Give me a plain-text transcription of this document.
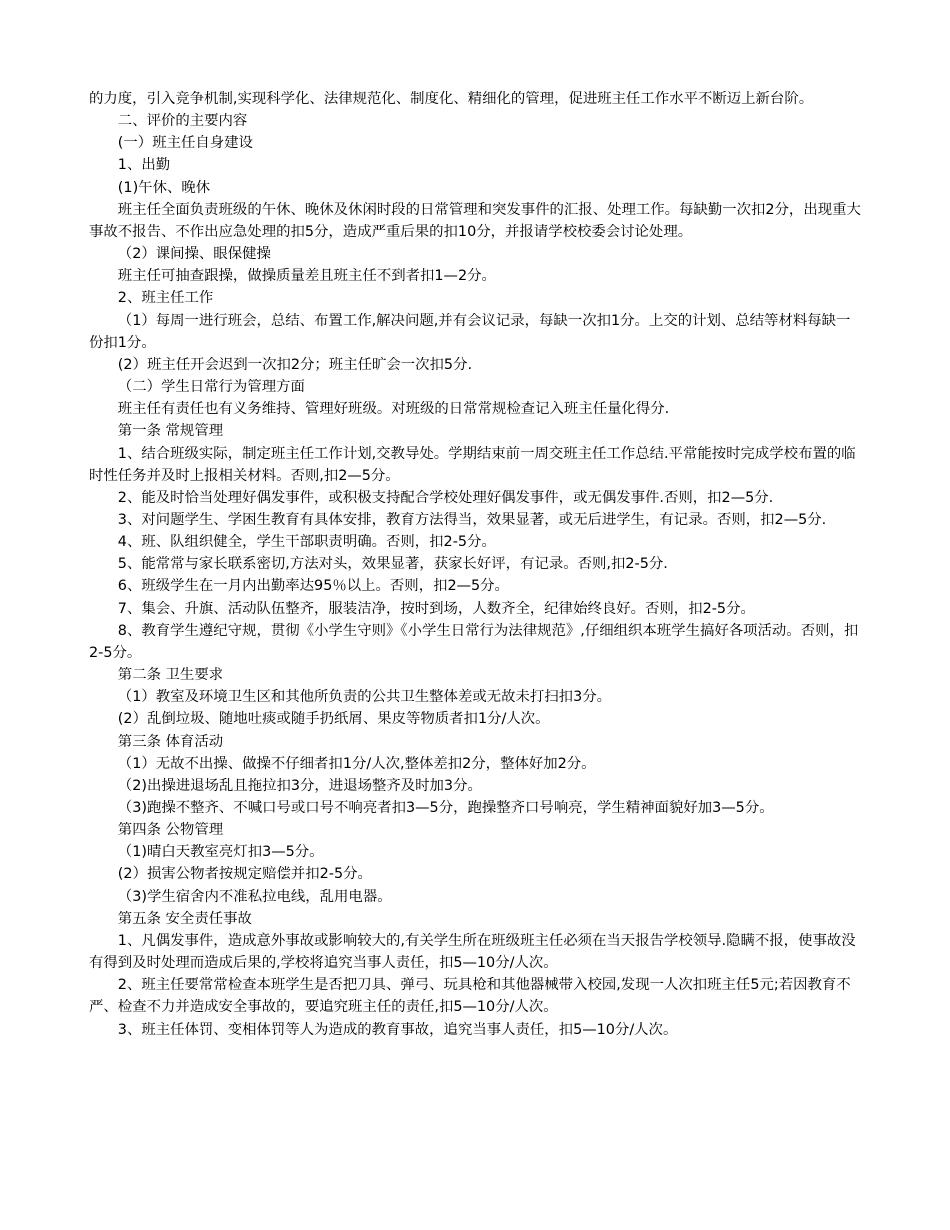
的力度，引入竞争机制,实现科学化、法律规范化、制度化、精细化的管理，促进班主任工作水平不断迈上新台阶。

二、评价的主要内容

(一）班主任自身建设

1、出勤

(1)午休、晚休

班主任全面负责班级的午休、晚休及休闲时段的日常管理和突发事件的汇报、处理工作。每缺勤一次扣2分，出现重大事故不报告、不作出应急处理的扣5分，造成严重后果的扣10分，并报请学校校委会讨论处理。

（2）课间操、眼保健操

班主任可抽查跟操，做操质量差且班主任不到者扣1—2分。

2、班主任工作

（1）每周一进行班会，总结、布置工作,解决问题,并有会议记录，每缺一次扣1分。上交的计划、总结等材料每缺一份扣1分。

(2）班主任开会迟到一次扣2分；班主任旷会一次扣5分.

（二）学生日常行为管理方面

班主任有责任也有义务维持、管理好班级。对班级的日常常规检查记入班主任量化得分.

第一条 常规管理

1、结合班级实际，制定班主任工作计划,交教导处。学期结束前一周交班主任工作总结.平常能按时完成学校布置的临时性任务并及时上报相关材料。否则,扣2—5分。

2、能及时恰当处理好偶发事件，或积极支持配合学校处理好偶发事件，或无偶发事件.否则，扣2—5分.

3、对问题学生、学困生教育有具体安排，教育方法得当，效果显著，或无后进学生，有记录。否则，扣2—5分.

4、班、队组织健全，学生干部职责明确。否则，扣2-5分。

5、能常常与家长联系密切,方法对头，效果显著，获家长好评，有记录。否则,扣2-5分.

6、班级学生在一月内出勤率达95％以上。否则，扣2—5分。

7、集会、升旗、活动队伍整齐，服装洁净，按时到场，人数齐全，纪律始终良好。否则，扣2-5分。

8、教育学生遵纪守规，贯彻《小学生守则》《小学生日常行为法律规范》,仔细组织本班学生搞好各项活动。否则，扣2-5分。

第二条 卫生要求

（1）教室及环境卫生区和其他所负责的公共卫生整体差或无故未打扫扣3分。

(2）乱倒垃圾、随地吐痰或随手扔纸屑、果皮等物质者扣1分/人次。

第三条 体育活动

（1）无故不出操、做操不仔细者扣1分/人次,整体差扣2分，整体好加2分。

（2)出操进退场乱且拖拉扣3分，进退场整齐及时加3分。

（3)跑操不整齐、不喊口号或口号不响亮者扣3—5分，跑操整齐口号响亮，学生精神面貌好加3—5分。

第四条 公物管理

（1)晴白天教室亮灯扣3—5分。

(2）损害公物者按规定赔偿并扣2-5分。

（3)学生宿舍内不准私拉电线，乱用电器。

第五条 安全责任事故

1、凡偶发事件，造成意外事故或影响较大的,有关学生所在班级班主任必须在当天报告学校领导.隐瞒不报，使事故没有得到及时处理而造成后果的,学校将追究当事人责任，扣5—10分/人次。

2、班主任要常常检查本班学生是否把刀具、弹弓、玩具枪和其他器械带入校园,发现一人次扣班主任5元;若因教育不严、检查不力并造成安全事故的，要追究班主任的责任,扣5—10分/人次。

3、班主任体罚、变相体罚等人为造成的教育事故，追究当事人责任，扣5—10分/人次。
